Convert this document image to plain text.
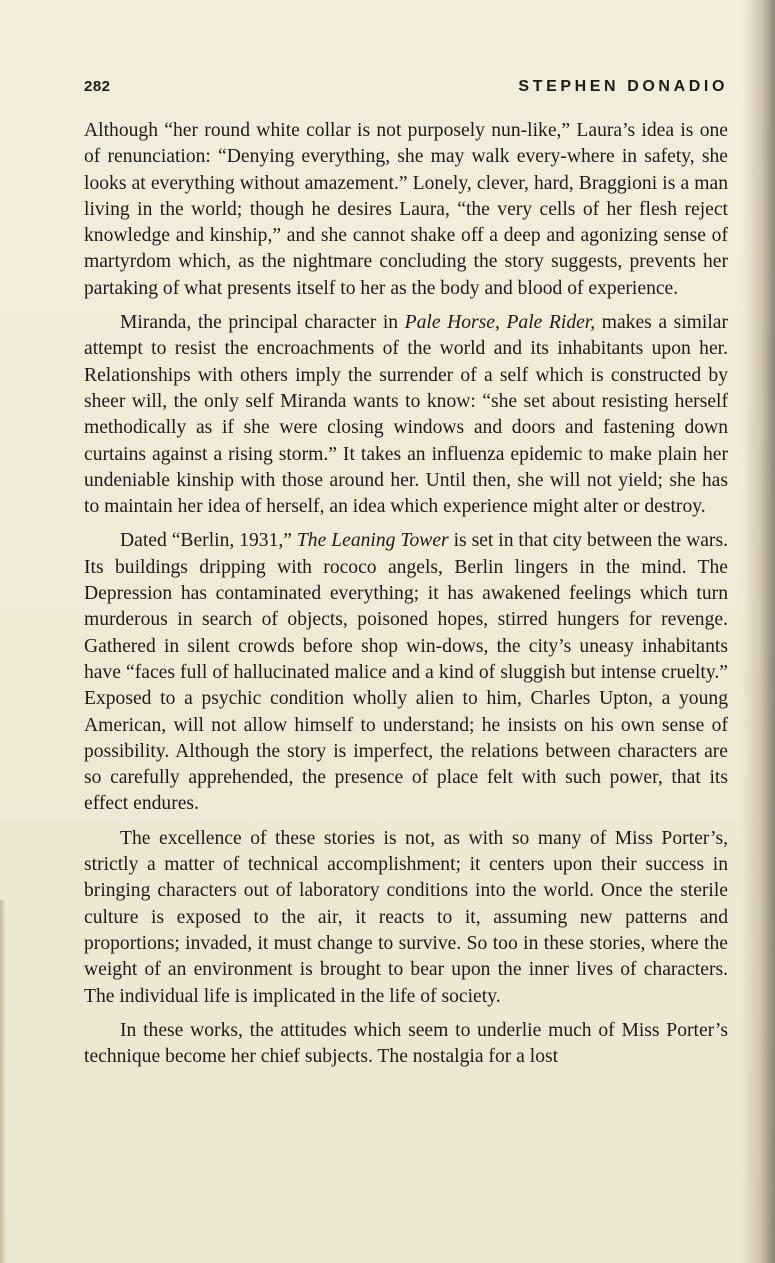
282	STEPHEN DONADIO

Although “her round white collar is not purposely nun-like,” Laura’s idea is one of renunciation: “Denying everything, she may walk every-where in safety, she looks at everything without amazement.” Lonely, clever, hard, Braggioni is a man living in the world; though he desires Laura, “the very cells of her flesh reject knowledge and kinship,” and she cannot shake off a deep and agonizing sense of martyrdom which, as the nightmare concluding the story suggests, prevents her partaking of what presents itself to her as the body and blood of experience.

Miranda, the principal character in Pale Horse, Pale Rider, makes a similar attempt to resist the encroachments of the world and its inhabitants upon her. Relationships with others imply the surrender of a self which is constructed by sheer will, the only self Miranda wants to know: “she set about resisting herself methodically as if she were closing windows and doors and fastening down curtains against a rising storm.” It takes an influenza epidemic to make plain her undeniable kinship with those around her. Until then, she will not yield; she has to maintain her idea of herself, an idea which experience might alter or destroy.

Dated “Berlin, 1931,” The Leaning Tower is set in that city between the wars. Its buildings dripping with rococo angels, Berlin lingers in the mind. The Depression has contaminated everything; it has awakened feelings which turn murderous in search of objects, poisoned hopes, stirred hungers for revenge. Gathered in silent crowds before shop win-dows, the city’s uneasy inhabitants have “faces full of hallucinated malice and a kind of sluggish but intense cruelty.” Exposed to a psychic condition wholly alien to him, Charles Upton, a young American, will not allow himself to understand; he insists on his own sense of possibility. Although the story is imperfect, the relations between characters are so carefully apprehended, the presence of place felt with such power, that its effect endures.

The excellence of these stories is not, as with so many of Miss Porter’s, strictly a matter of technical accomplishment; it centers upon their success in bringing characters out of laboratory conditions into the world. Once the sterile culture is exposed to the air, it reacts to it, assuming new patterns and proportions; invaded, it must change to survive. So too in these stories, where the weight of an environment is brought to bear upon the inner lives of characters. The individual life is implicated in the life of society.

In these works, the attitudes which seem to underlie much of Miss Porter’s technique become her chief subjects. The nostalgia for a lost
